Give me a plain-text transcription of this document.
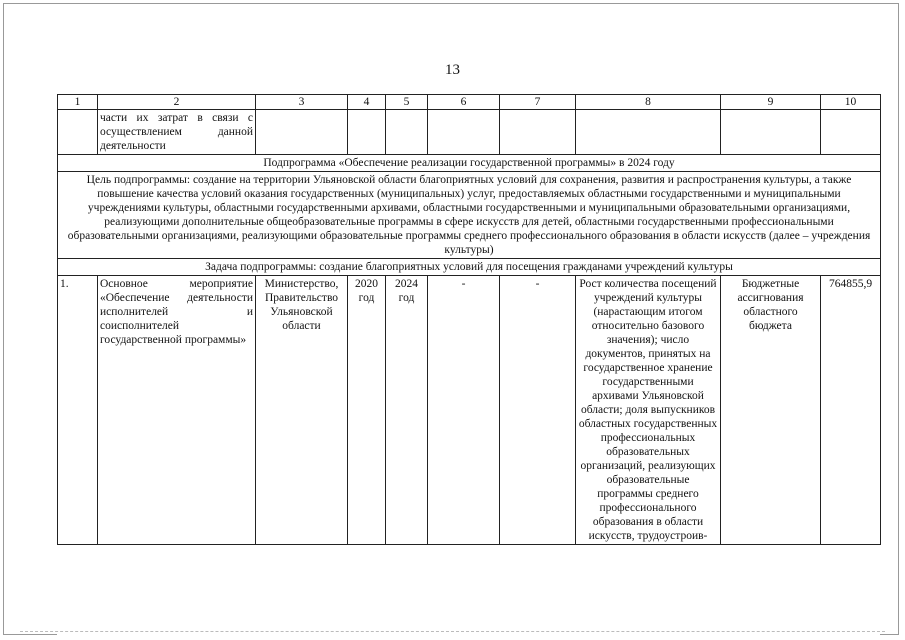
13
1	2	3	4	5	6	7	8	9	10
	части их затрат в связи с осуществлением данной деятельности								
Подпрограмма «Обеспечение реализации государственной программы» в 2024 году									
Цель подпрограммы: создание на территории Ульяновской области благоприятных условий для сохранения, развития и распространения культуры, а также повышение качества условий оказания государственных (муниципальных) услуг, предоставляемых областными государственными и муниципальными учреждениями культуры, областными государственными архивами, областными государственными и муниципальными образовательными организациями, реализующими дополнительные общеобразовательные программы в сфере искусств для детей, областными государственными профессиональными образовательными организациями, реализующими образовательные программы среднего профессионального образования в области искусств (далее – учреждения культуры)									
Задача подпрограммы: создание благоприятных условий для посещения гражданами учреждений культуры									
1.	Основное мероприятие «Обеспечение деятельности исполнителей и соисполнителей государственной программы»	Министерство, Правительство Ульяновской области	2020 год	2024 год	-	-	Рост количества посещений учреждений культуры (нарастающим итогом относительно базового значения); число документов, принятых на государственное хранение государственными архивами Ульяновской области; доля выпускников областных государственных профессиональных образовательных организаций, реализующих образовательные программы среднего профессионального образования в области искусств, трудоустроив-	Бюджетные ассигнования областного бюджета	764855,9
